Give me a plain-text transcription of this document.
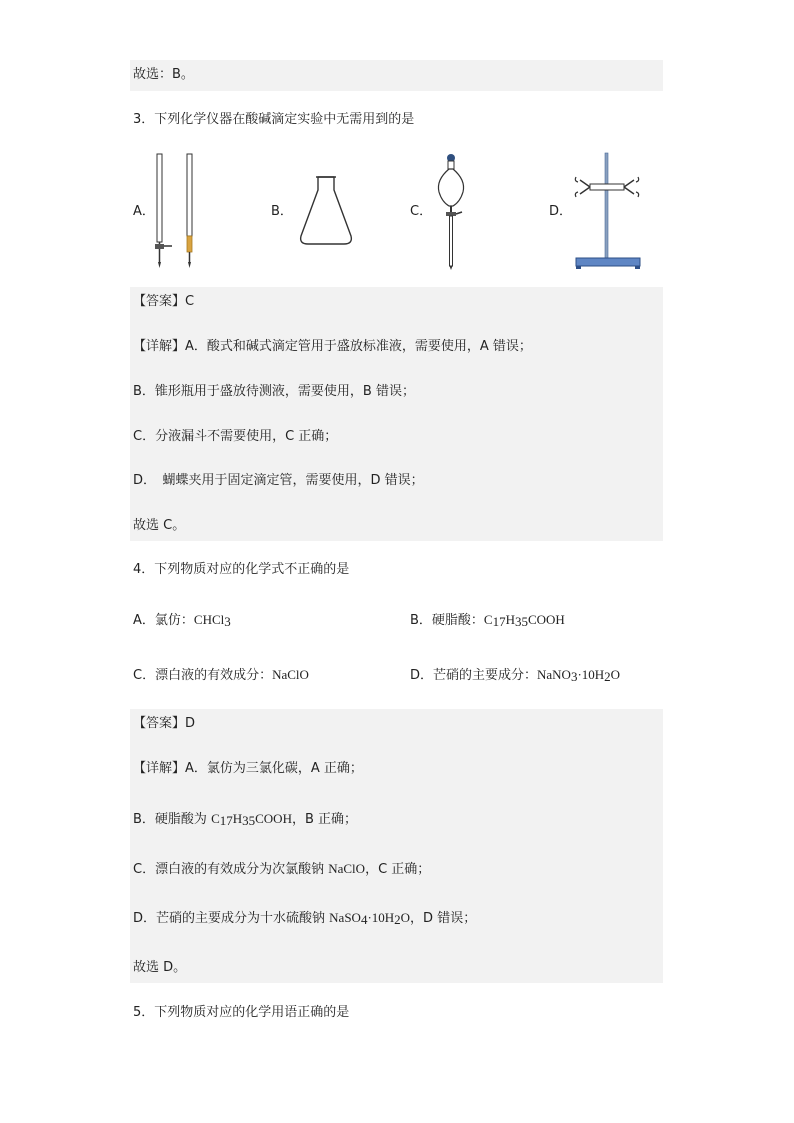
故选：B。
3．下列化学仪器在酸碱滴定实验中无需用到的是
A．	B．	C．	D．
【答案】C
【详解】A．酸式和碱式滴定管用于盛放标准液，需要使用，A 错误；
B．锥形瓶用于盛放待测液，需要使用，B 错误；
C．分液漏斗不需要使用，C 正确；
D．　蝴蝶夹用于固定滴定管，需要使用，D 错误；
故选 C。
4．下列物质对应的化学式不正确的是
A．氯仿：CHCl$_3$	B．硬脂酸：$C_{17}H_{35}COOH$
C．漂白液的有效成分：NaClO	D．芒硝的主要成分：$NaNO_3\cdot 10H_2O$
【答案】D
【详解】A．氯仿为三氯化碳，A 正确；
B．硬脂酸为 $C_{17}H_{35}COOH$，B 正确；
C．漂白液的有效成分为次氯酸钠 NaClO，C 正确；
D．芒硝的主要成分为十水硫酸钠 $NaSO_4\cdot 10H_2O$，D 错误；
故选 D。
5．下列物质对应的化学用语正确的是
